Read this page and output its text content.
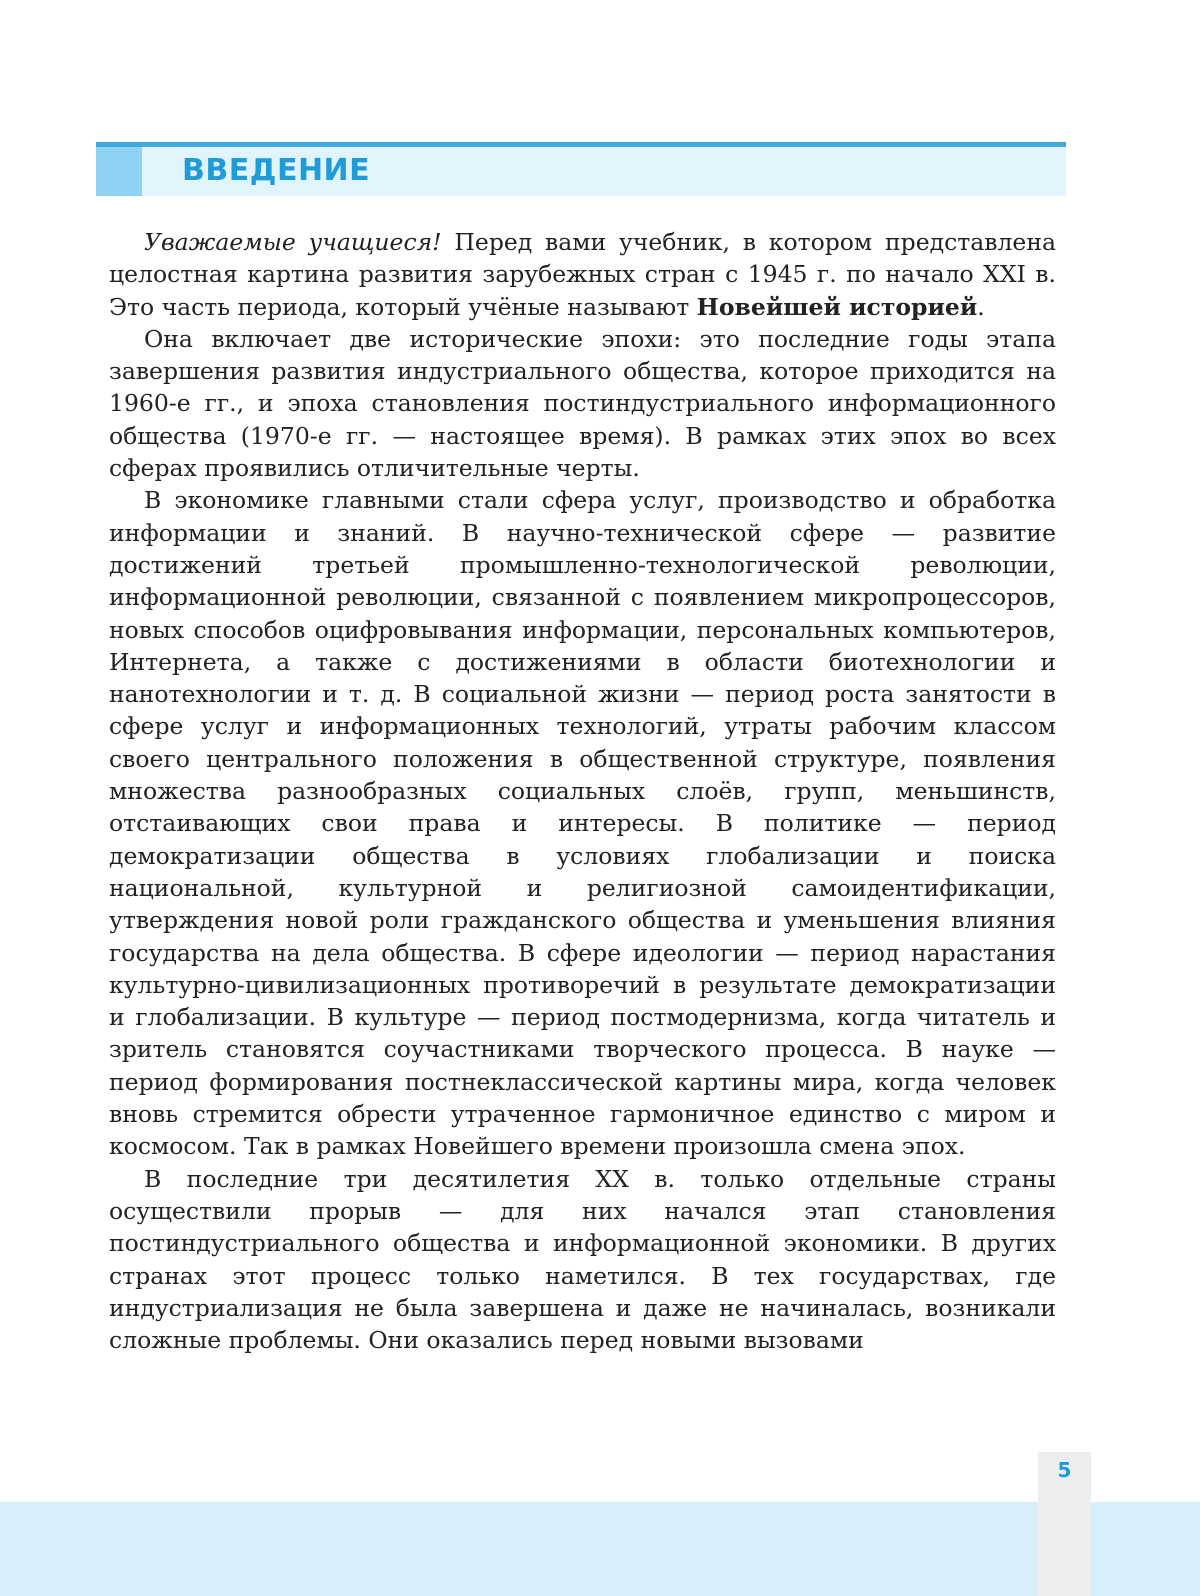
ВВЕДЕНИЕ

Уважаемые учащиеся! Перед вами учебник, в котором представлена целостная картина развития зарубежных стран с 1945 г. по начало XXI в. Это часть периода, который учёные называют Новейшей историей.

Она включает две исторические эпохи: это последние годы этапа завершения развития индустриального общества, которое приходится на 1960-е гг., и эпоха становления постиндустриального информационного общества (1970-е гг. — настоящее время). В рамках этих эпох во всех сферах проявились отличительные черты.

В экономике главными стали сфера услуг, производство и обработка информации и знаний. В научно-технической сфере — развитие достижений третьей промышленно-технологической революции, информационной революции, связанной с появлением микропроцессоров, новых способов оцифровывания информации, персональных компьютеров, Интернета, а также с достижениями в области биотехнологии и нанотехнологии и т. д. В социальной жизни — период роста занятости в сфере услуг и информационных технологий, утраты рабочим классом своего центрального положения в общественной структуре, появления множества разнообразных социальных слоёв, групп, меньшинств, отстаивающих свои права и интересы. В политике — период демократизации общества в условиях глобализации и поиска национальной, культурной и религиозной самоидентификации, утверждения новой роли гражданского общества и уменьшения влияния государства на дела общества. В сфере идеологии — период нарастания культурно-цивилизационных противоречий в результате демократизации и глобализации. В культуре — период постмодернизма, когда читатель и зритель становятся соучастниками творческого процесса. В науке — период формирования постнеклассической картины мира, когда человек вновь стремится обрести утраченное гармоничное единство с миром и космосом. Так в рамках Новейшего времени произошла смена эпох.

В последние три десятилетия XX в. только отдельные страны осуществили прорыв — для них начался этап становления постиндустриального общества и информационной экономики. В других странах этот процесс только наметился. В тех государствах, где индустриализация не была завершена и даже не начиналась, возникали сложные проблемы. Они оказались перед новыми вызовами

5
